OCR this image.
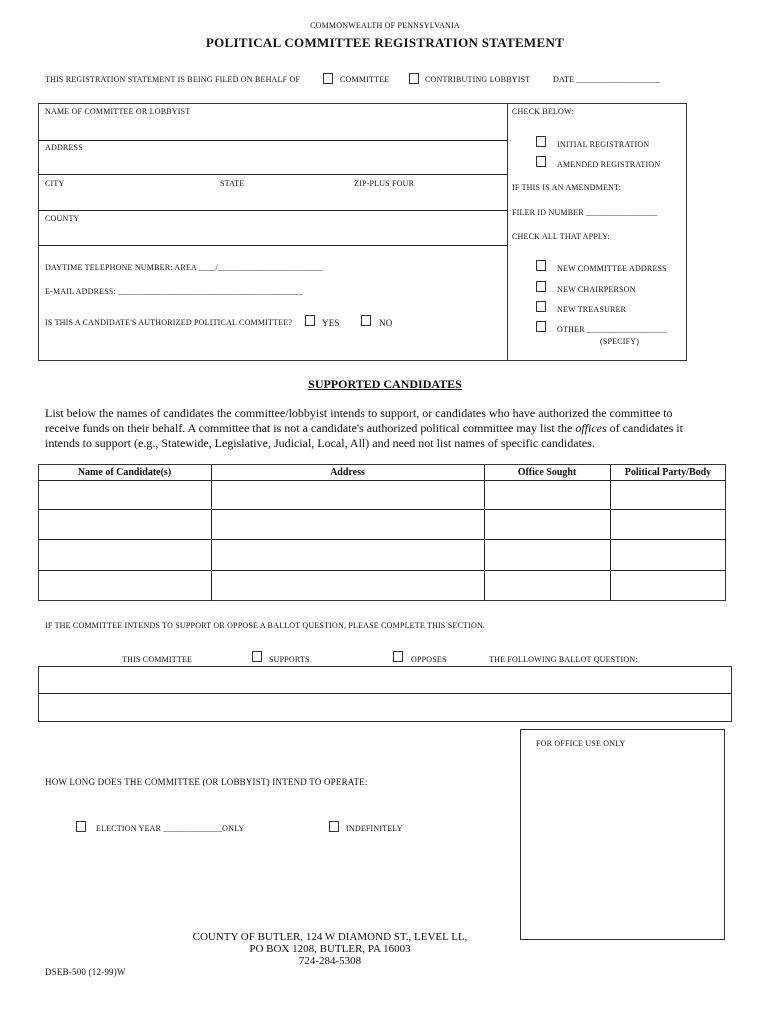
COMMONWEALTH OF PENNSYLVANIA
POLITICAL COMMITTEE REGISTRATION STATEMENT
THIS REGISTRATION STATEMENT IS BEING FILED ON BEHALF OF	COMMITTEE	CONTRIBUTING LOBBYIST	DATE ____________________
NAME OF COMMITTEE OR LOBBYIST
ADDRESS
CITY	STATE	ZIP-PLUS FOUR
COUNTY
DAYTIME TELEPHONE NUMBER: AREA ____/_________________________
E-MAIL ADDRESS: ____________________________________________
IS THIS A CANDIDATE'S AUTHORIZED POLITICAL COMMITTEE?	YES	NO
CHECK BELOW:
INITIAL REGISTRATION
AMENDED REGISTRATION
IF THIS IS AN AMENDMENT:
FILER ID NUMBER _________________
CHECK ALL THAT APPLY:
NEW COMMITTEE ADDRESS
NEW CHAIRPERSON
NEW TREASURER
OTHER ___________________
(SPECIFY)
SUPPORTED CANDIDATES
List below the names of candidates the committee/lobbyist intends to support, or candidates who have authorized the committee to
receive funds on their behalf. A committee that is not a candidate's authorized political committee may list the offices of candidates it
intends to support (e.g., Statewide, Legislative, Judicial, Local, All) and need not list names of specific candidates.
Name of Candidate(s)	Address	Office Sought	Political Party/Body
IF THE COMMITTEE INTENDS TO SUPPORT OR OPPOSE A BALLOT QUESTION, PLEASE COMPLETE THIS SECTION.
THIS COMMITTEE	SUPPORTS	OPPOSES	THE FOLLOWING BALLOT QUESTION:
FOR OFFICE USE ONLY
HOW LONG DOES THE COMMITTEE (OR LOBBYIST) INTEND TO OPERATE:
ELECTION YEAR ______________ONLY	INDEFINITELY
COUNTY OF BUTLER, 124 W DIAMOND ST., LEVEL LL,
PO BOX 1208, BUTLER, PA 16003
724-284-5308
DSEB-500 (12-99)W
